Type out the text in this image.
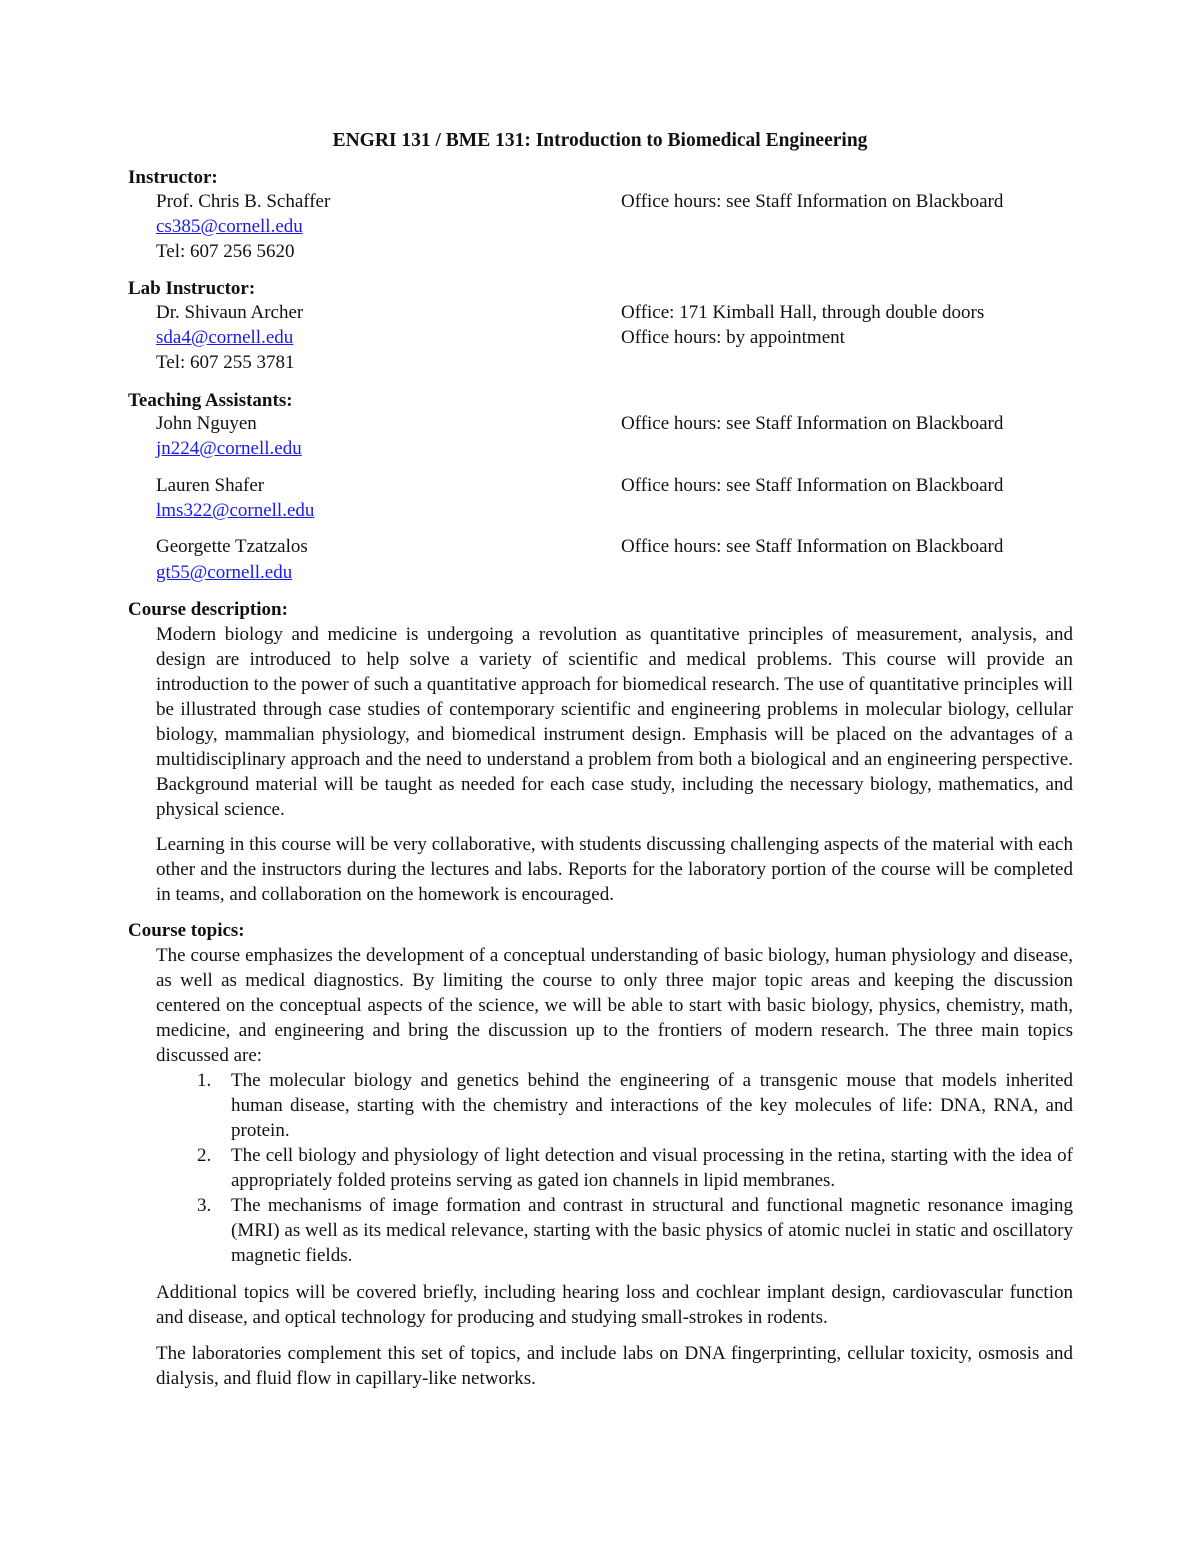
ENGRI 131 / BME 131: Introduction to Biomedical Engineering
Instructor:
Prof. Chris B. Schaffer	Office hours: see Staff Information on Blackboard
cs385@cornell.edu
Tel: 607 256 5620
Lab Instructor:
Dr. Shivaun Archer	Office: 171 Kimball Hall, through double doors
sda4@cornell.edu	Office hours: by appointment
Tel: 607 255 3781
Teaching Assistants:
John Nguyen	Office hours: see Staff Information on Blackboard
jn224@cornell.edu
Lauren Shafer	Office hours: see Staff Information on Blackboard
lms322@cornell.edu
Georgette Tzatzalos	Office hours: see Staff Information on Blackboard
gt55@cornell.edu
Course description:

Modern biology and medicine is undergoing a revolution as quantitative principles of measurement, analysis, and design are introduced to help solve a variety of scientific and medical problems. This course will provide an introduction to the power of such a quantitative approach for biomedical research. The use of quantitative principles will be illustrated through case studies of contemporary scientific and engineering problems in molecular biology, cellular biology, mammalian physiology, and biomedical instrument design. Emphasis will be placed on the advantages of a multidisciplinary approach and the need to understand a problem from both a biological and an engineering perspective. Background material will be taught as needed for each case study, including the necessary biology, mathematics, and physical science.

Learning in this course will be very collaborative, with students discussing challenging aspects of the material with each other and the instructors during the lectures and labs. Reports for the laboratory portion of the course will be completed in teams, and collaboration on the homework is encouraged.

Course topics:
The course emphasizes the development of a conceptual understanding of basic biology, human physiology and disease, as well as medical diagnostics. By limiting the course to only three major topic areas and keeping the discussion centered on the conceptual aspects of the science, we will be able to start with basic biology, physics, chemistry, math, medicine, and engineering and bring the discussion up to the frontiers of modern research. The three main topics discussed are:
1. The molecular biology and genetics behind the engineering of a transgenic mouse that models inherited human disease, starting with the chemistry and interactions of the key molecules of life: DNA, RNA, and protein.
2. The cell biology and physiology of light detection and visual processing in the retina, starting with the idea of appropriately folded proteins serving as gated ion channels in lipid membranes.
3. The mechanisms of image formation and contrast in structural and functional magnetic resonance imaging (MRI) as well as its medical relevance, starting with the basic physics of atomic nuclei in static and oscillatory magnetic fields.
Additional topics will be covered briefly, including hearing loss and cochlear implant design, cardiovascular function and disease, and optical technology for producing and studying small-strokes in rodents.
The laboratories complement this set of topics, and include labs on DNA fingerprinting, cellular toxicity, osmosis and dialysis, and fluid flow in capillary-like networks.
